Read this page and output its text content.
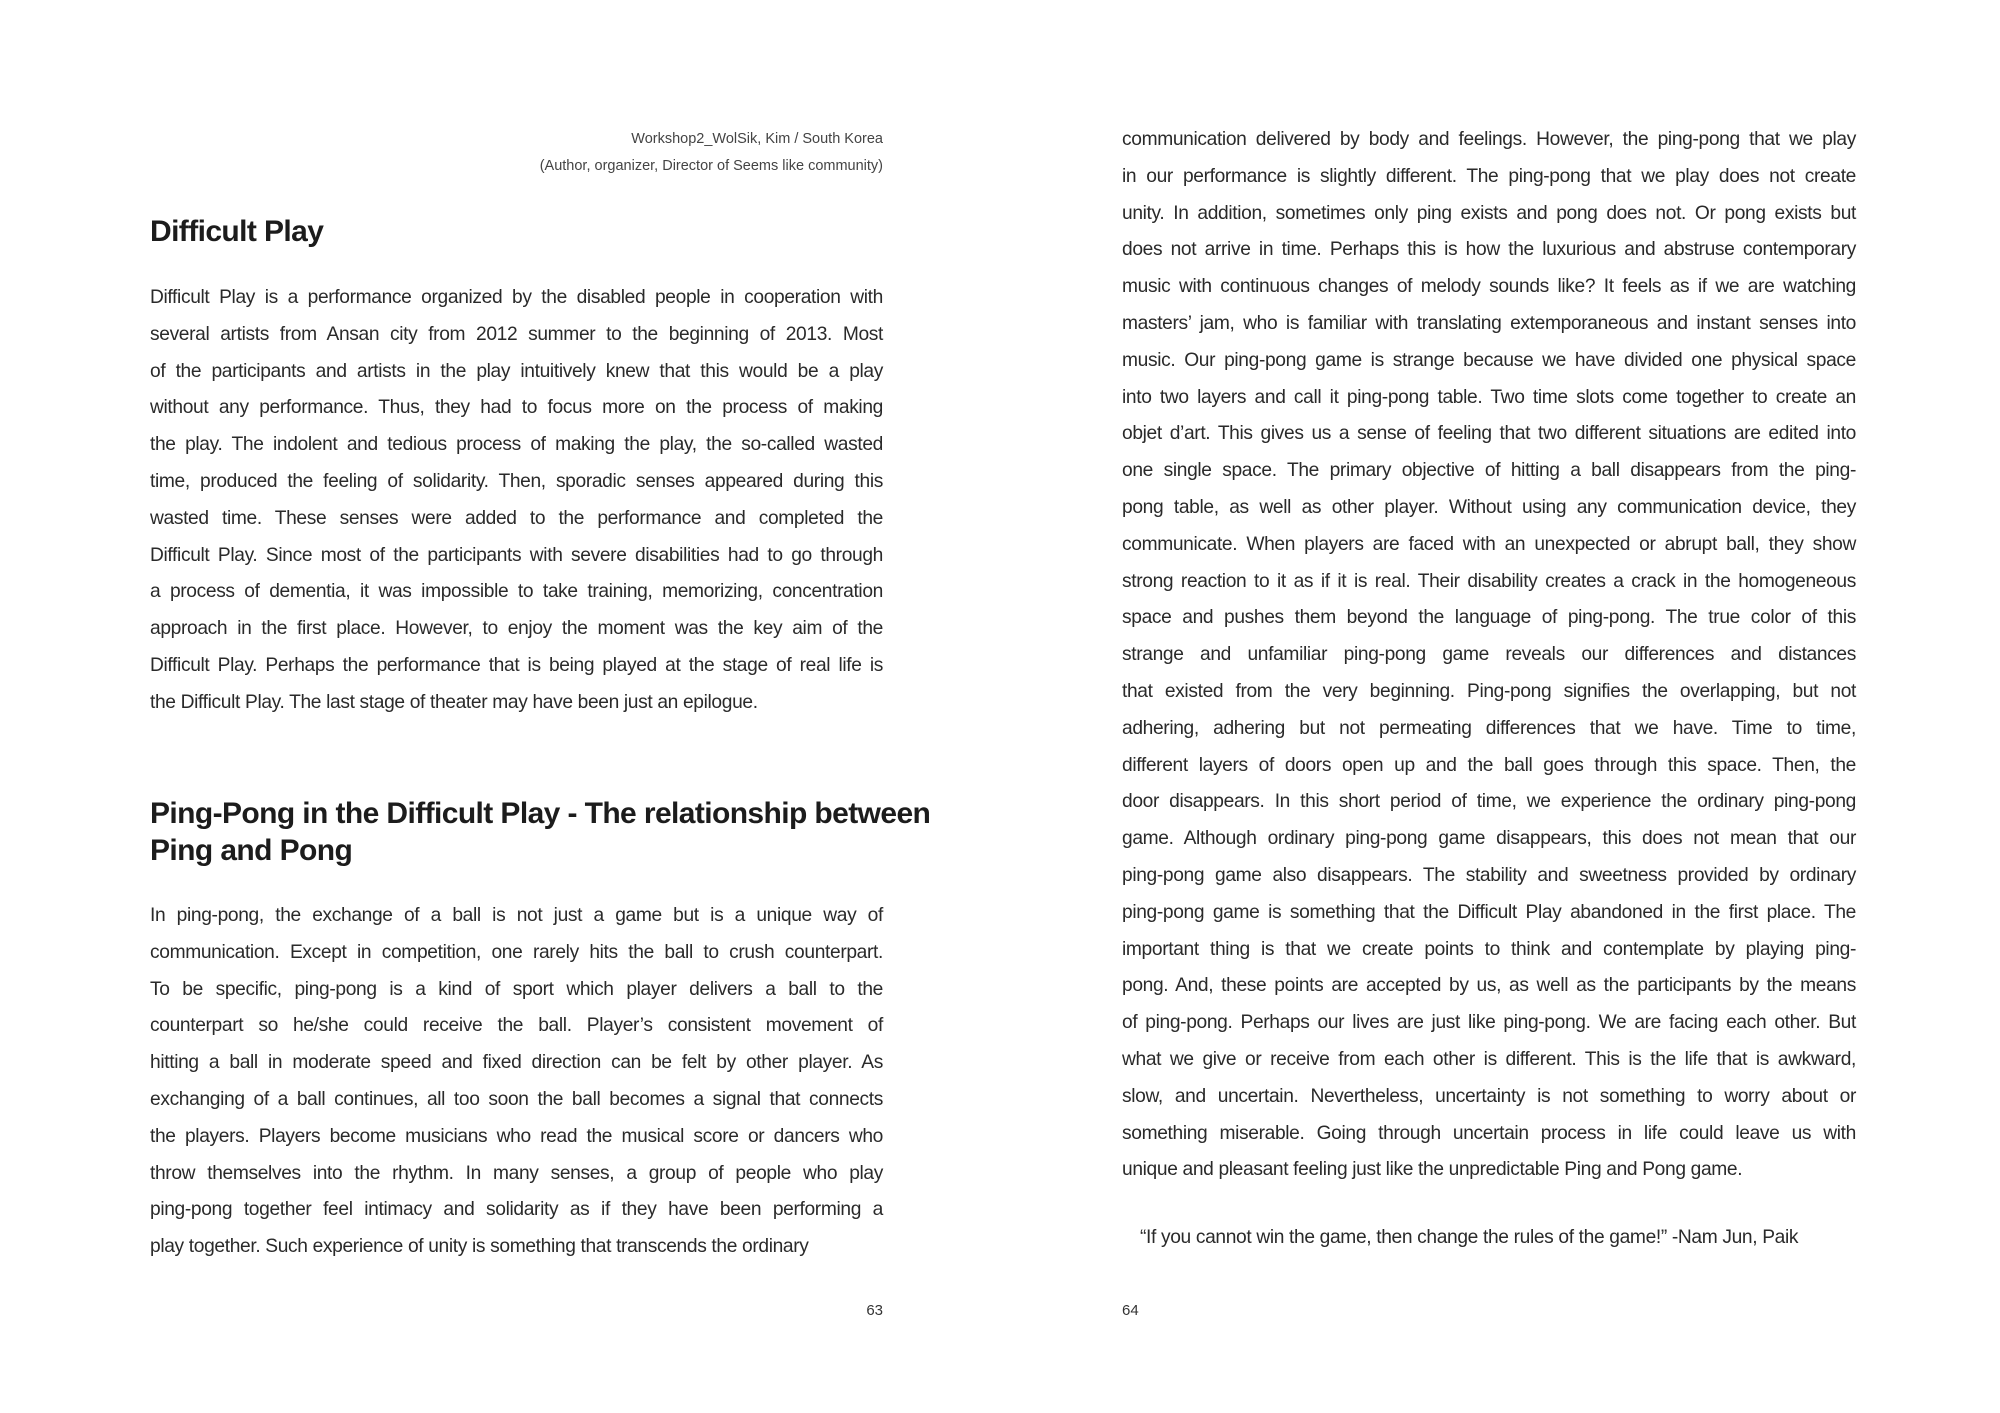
Workshop2_WolSik, Kim / South Korea
(Author, organizer, Director of Seems like community)
Difficult Play
Difficult Play is a performance organized by the disabled people in cooperation with
several artists from Ansan city from 2012 summer to the beginning of 2013. Most
of the participants and artists in the play intuitively knew that this would be a play
without any performance. Thus, they had to focus more on the process of making
the play. The indolent and tedious process of making the play, the so-called wasted
time, produced the feeling of solidarity. Then, sporadic senses appeared during this
wasted time. These senses were added to the performance and completed the
Difficult Play. Since most of the participants with severe disabilities had to go through
a process of dementia, it was impossible to take training, memorizing, concentration
approach in the first place. However, to enjoy the moment was the key aim of the
Difficult Play. Perhaps the performance that is being played at the stage of real life is
the Difficult Play. The last stage of theater may have been just an epilogue.
Ping-Pong in the Difficult Play - The relationship between
Ping and Pong
In ping-pong, the exchange of a ball is not just a game but is a unique way of
communication. Except in competition, one rarely hits the ball to crush counterpart.
To be specific, ping-pong is a kind of sport which player delivers a ball to the
counterpart so he/she could receive the ball. Player’s consistent movement of
hitting a ball in moderate speed and fixed direction can be felt by other player. As
exchanging of a ball continues, all too soon the ball becomes a signal that connects
the players. Players become musicians who read the musical score or dancers who
throw themselves into the rhythm. In many senses, a group of people who play
ping-pong together feel intimacy and solidarity as if they have been performing a
play together. Such experience of unity is something that transcends the ordinary
63
communication delivered by body and feelings. However, the ping-pong that we play
in our performance is slightly different. The ping-pong that we play does not create
unity. In addition, sometimes only ping exists and pong does not. Or pong exists but
does not arrive in time. Perhaps this is how the luxurious and abstruse contemporary
music with continuous changes of melody sounds like? It feels as if we are watching
masters’ jam, who is familiar with translating extemporaneous and instant senses into
music. Our ping-pong game is strange because we have divided one physical space
into two layers and call it ping-pong table. Two time slots come together to create an
objet d’art. This gives us a sense of feeling that two different situations are edited into
one single space. The primary objective of hitting a ball disappears from the ping-
pong table, as well as other player. Without using any communication device, they
communicate. When players are faced with an unexpected or abrupt ball, they show
strong reaction to it as if it is real. Their disability creates a crack in the homogeneous
space and pushes them beyond the language of ping-pong. The true color of this
strange and unfamiliar ping-pong game reveals our differences and distances
that existed from the very beginning. Ping-pong signifies the overlapping, but not
adhering, adhering but not permeating differences that we have. Time to time,
different layers of doors open up and the ball goes through this space. Then, the
door disappears. In this short period of time, we experience the ordinary ping-pong
game. Although ordinary ping-pong game disappears, this does not mean that our
ping-pong game also disappears. The stability and sweetness provided by ordinary
ping-pong game is something that the Difficult Play abandoned in the first place. The
important thing is that we create points to think and contemplate by playing ping-
pong. And, these points are accepted by us, as well as the participants by the means
of ping-pong. Perhaps our lives are just like ping-pong. We are facing each other. But
what we give or receive from each other is different. This is the life that is awkward,
slow, and uncertain. Nevertheless, uncertainty is not something to worry about or
something miserable. Going through uncertain process in life could leave us with
unique and pleasant feeling just like the unpredictable Ping and Pong game.
“If you cannot win the game, then change the rules of the game!” -Nam Jun, Paik
64
